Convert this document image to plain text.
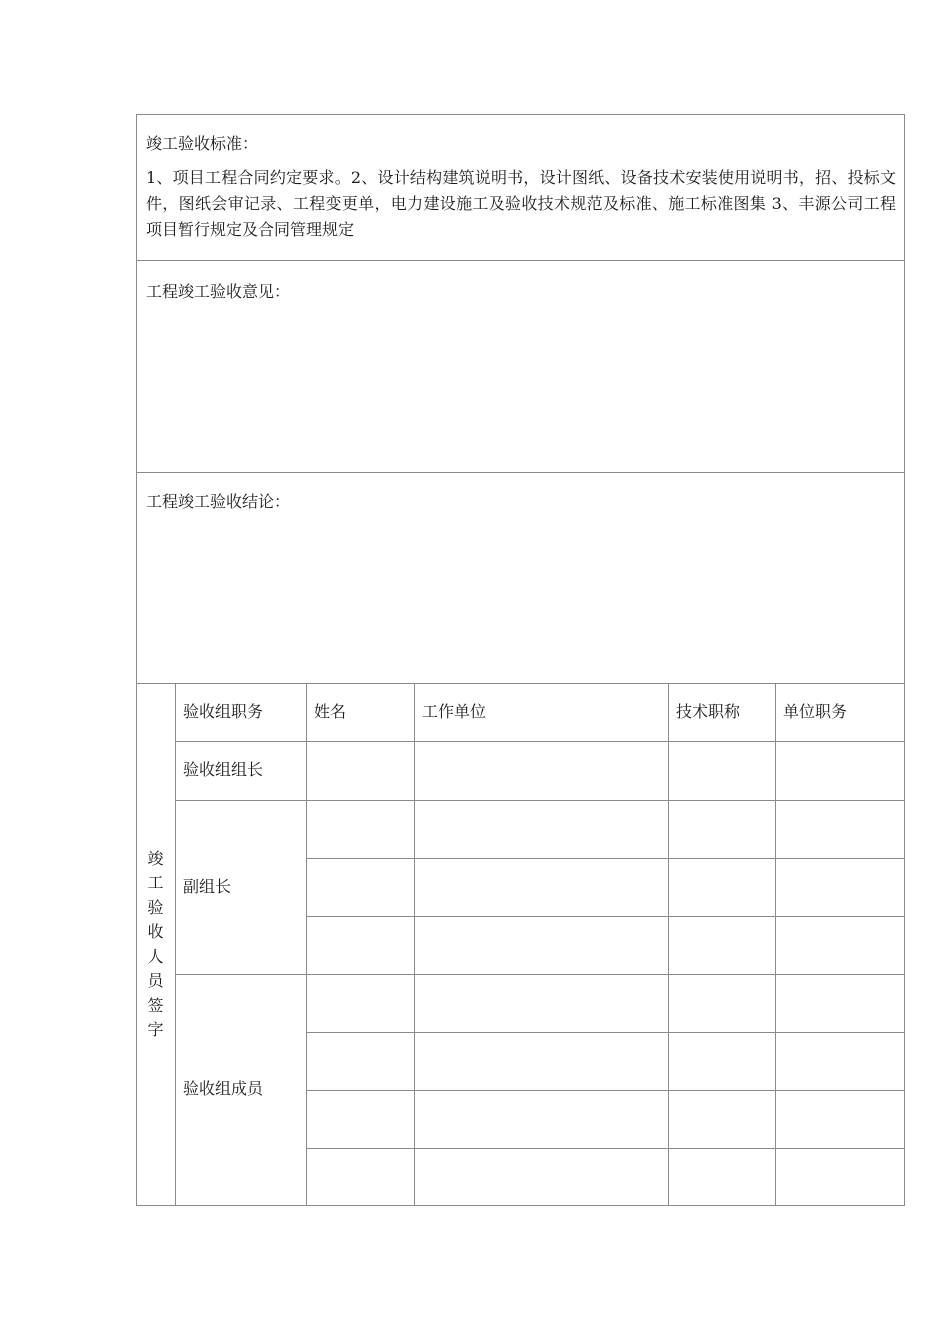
竣工验收标准：
1、项目工程合同约定要求。2、设计结构建筑说明书，设计图纸、设备技术安装使用说明书，招、投标文件，图纸会审记录、工程变更单，电力建设施工及验收技术规范及标准、施工标准图集 3、丰源公司工程项目暂行规定及合同管理规定
工程竣工验收意见：
工程竣工验收结论：
竣
工
验
收
人
员
签
字
验收组职务	姓名	工作单位	技术职称	单位职务
验收组组长
副组长
验收组成员
